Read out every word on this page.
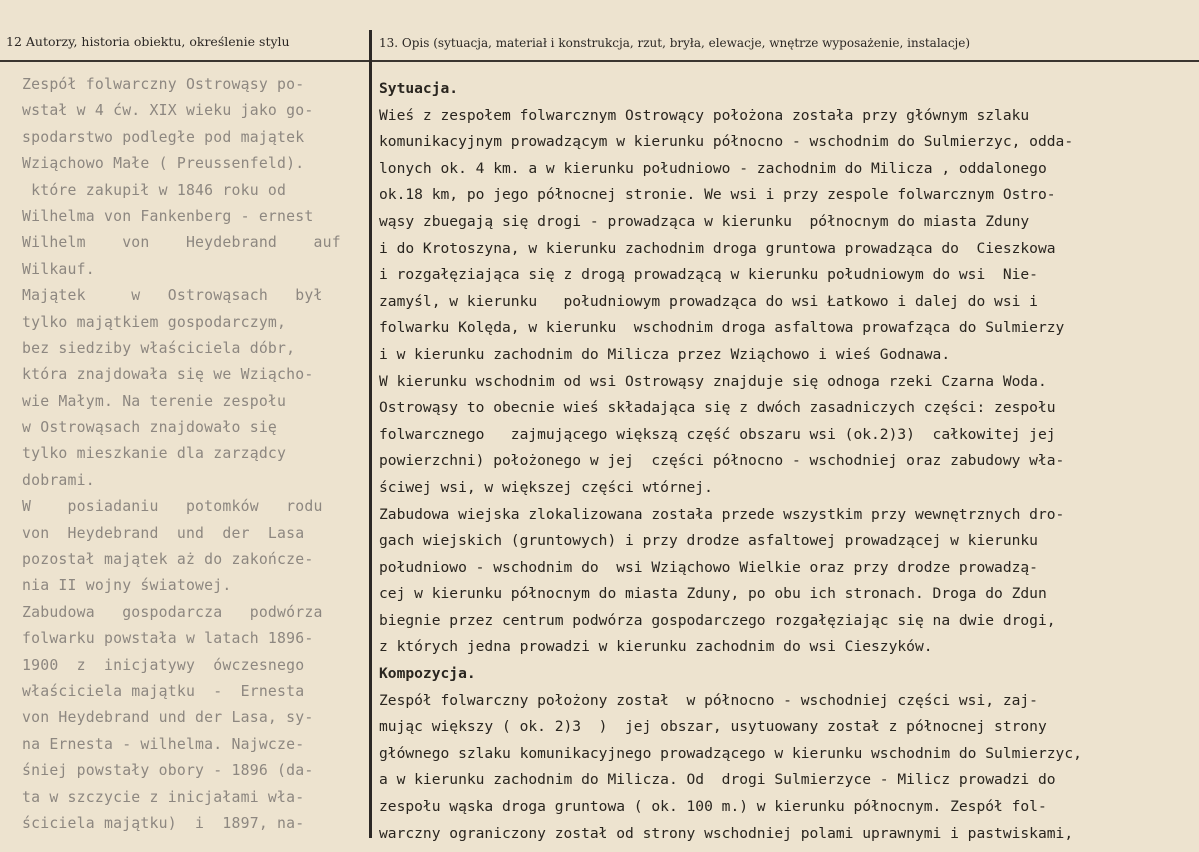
12 Autorzy, historia obiektu, określenie stylu	13. Opis (sytuacja, materiał i konstrukcja, rzut, bryła, elewacje, wnętrze wyposażenie, instalacje)
Zespół folwarczny Ostrowąsy po-
wstał w 4 ćw. XIX wieku jako go-
spodarstwo podległe pod majątek
Wziąchowo Małe ( Preussenfeld).
które zakupił w 1846 roku od
Wilhelma von Fankenberg - ernest
Wilhelm    von    Heydebrand    auf
Wilkauf.
Majątek     w   Ostrowąsach   był
tylko majątkiem gospodarczym,
bez siedziby właściciela dóbr,
która znajdowała się we Wziącho-
wie Małym. Na terenie zespołu
w Ostrowąsach znajdowało się
tylko mieszkanie dla zarządcy
dobrami.
W    posiadaniu   potomków   rodu
von  Heydebrand  und  der  Lasa
pozostał majątek aż do zakończe-
nia II wojny światowej.
Zabudowa   gospodarcza   podwórza
folwarku powstała w latach 1896-
1900  z  inicjatywy  ówczesnego
właściciela majątku  -  Ernesta
von Heydebrand und der Lasa, sy-
na Ernesta - wilhelma. Najwcze-
śniej powstały obory - 1896 (da-
ta w szczycie z inicjałami wła-
ściciela majątku)  i  1897, na-
Sytuacja.
Wieś z zespołem folwarcznym Ostrowący położona została przy głównym szlaku
komunikacyjnym prowadzącym w kierunku północno - wschodnim do Sulmierzyc, odda-
lonych ok. 4 km. a w kierunku południowo - zachodnim do Milicza , oddalonego
ok.18 km, po jego północnej stronie. We wsi i przy zespole folwarcznym Ostro-
wąsy zbuegają się drogi - prowadząca w kierunku  północnym do miasta Zduny
i do Krotoszyna, w kierunku zachodnim droga gruntowa prowadząca do  Cieszkowa
i rozgałęziająca się z drogą prowadzącą w kierunku południowym do wsi  Nie-
zamyśl, w kierunku   południowym prowadząca do wsi Łatkowo i dalej do wsi i
folwarku Kolęda, w kierunku  wschodnim droga asfaltowa prowafząca do Sulmierzy
i w kierunku zachodnim do Milicza przez Wziąchowo i wieś Godnawa.
W kierunku wschodnim od wsi Ostrowąsy znajduje się odnoga rzeki Czarna Woda.
Ostrowąsy to obecnie wieś składająca się z dwóch zasadniczych części: zespołu
folwarcznego   zajmującego większą część obszaru wsi (ok.2)3)  całkowitej jej
powierzchni) położonego w jej  części północno - wschodniej oraz zabudowy wła-
ściwej wsi, w większej części wtórnej.
Zabudowa wiejska zlokalizowana została przede wszystkim przy wewnętrznych dro-
gach wiejskich (gruntowych) i przy drodze asfaltowej prowadzącej w kierunku
południowo - wschodnim do  wsi Wziąchowo Wielkie oraz przy drodze prowadzą-
cej w kierunku północnym do miasta Zduny, po obu ich stronach. Droga do Zdun
biegnie przez centrum podwórza gospodarczego rozgałęziając się na dwie drogi,
z których jedna prowadzi w kierunku zachodnim do wsi Cieszyków.
Kompozycja.
Zespół folwarczny położony został  w północno - wschodniej części wsi, zaj-
mując większy ( ok. 2)3  )  jej obszar, usytuowany został z północnej strony
głównego szlaku komunikacyjnego prowadzącego w kierunku wschodnim do Sulmierzyc,
a w kierunku zachodnim do Milicza. Od  drogi Sulmierzyce - Milicz prowadzi do
zespołu wąska droga gruntowa ( ok. 100 m.) w kierunku północnym. Zespół fol-
warczny ograniczony został od strony wschodniej polami uprawnymi i pastwiskami,
